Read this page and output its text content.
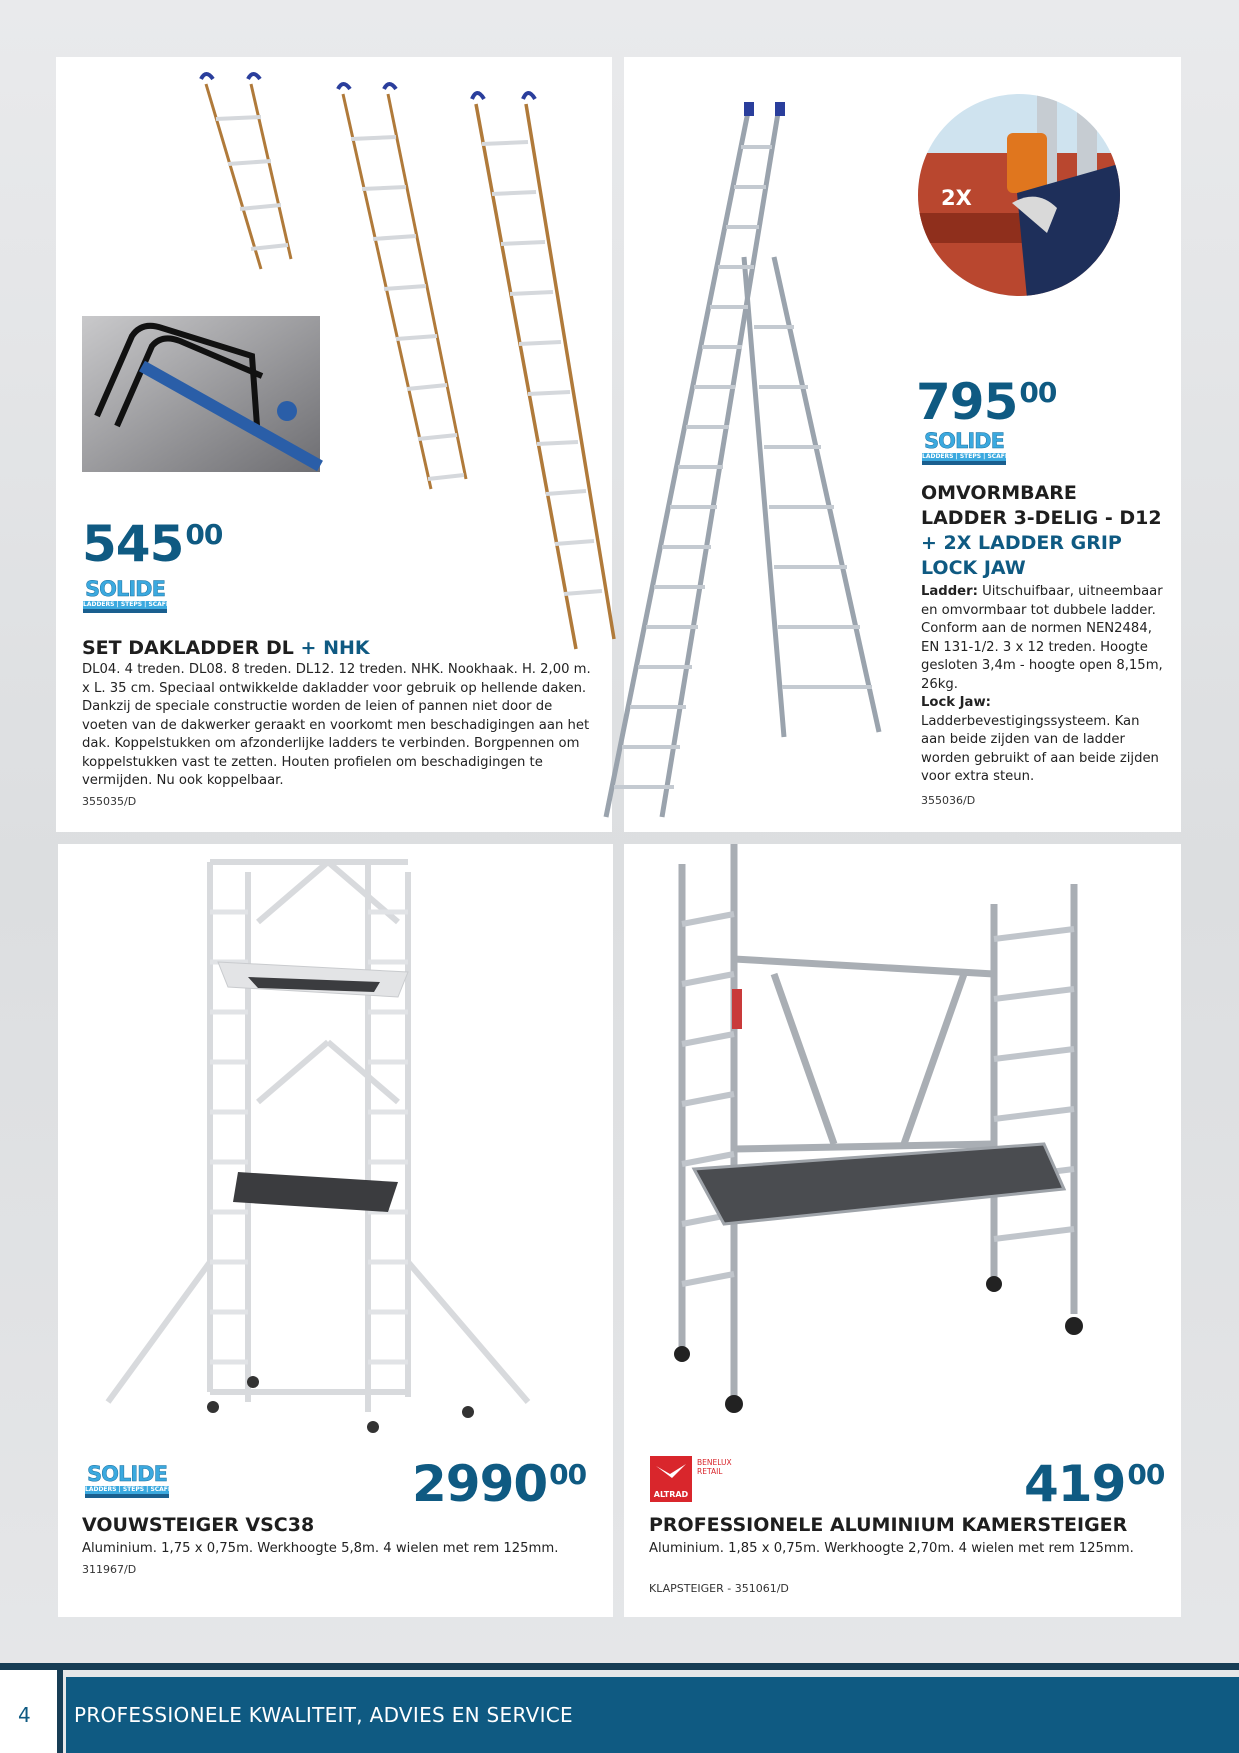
$545^{00}$
SOLIDE
LADDERS | STEPS | SCAFFOLDS
SET DAKLADDER DL + NHK
DL04. 4 treden. DL08. 8 treden. DL12. 12 treden. NHK. Nookhaak. H. 2,00 m. x L. 35 cm. Speciaal ontwikkelde dakladder voor gebruik op hellende daken. Dankzij de speciale constructie worden de leien of pannen niet door de voeten van de dakwerker geraakt en voorkomt men beschadigingen aan het dak. Koppelstukken om afzonderlijke ladders te verbinden. Borgpennen om koppelstukken vast te zetten. Houten profielen om beschadigingen te vermijden. Nu ook koppelbaar.
355035/D
2X
$795^{00}$
SOLIDE
LADDERS | STEPS | SCAFFOLDS
OMVORMBARE LADDER 3-DELIG - D12
+ 2X LADDER GRIP LOCK JAW
Ladder: Uitschuifbaar, uitneembaar en omvormbaar tot dubbele ladder. Conform aan de normen NEN2484, EN 131-1/2. 3 x 12 treden. Hoogte gesloten 3,4m - hoogte open 8,15m, 26kg.
Lock Jaw:
Ladderbevestigingssysteem. Kan aan beide zijden van de ladder worden gebruikt of aan beide zijden voor extra steun.
355036/D
2990$^{00}$
SOLIDE
LADDERS | STEPS | SCAFFOLDS
VOUWSTEIGER VSC38
Aluminium. 1,75 x 0,75m. Werkhoogte 5,8m. 4 wielen met rem 125mm.
311967/D
ALTRAD
BENELUX RETAIL	$419^{00}$
PROFESSIONELE ALUMINIUM KAMERSTEIGER
Aluminium. 1,85 x 0,75m. Werkhoogte 2,70m. 4 wielen met rem 125mm.
KLAPSTEIGER - 351061/D
4 PROFESSIONELE KWALITEIT, ADVIES EN SERVICE
